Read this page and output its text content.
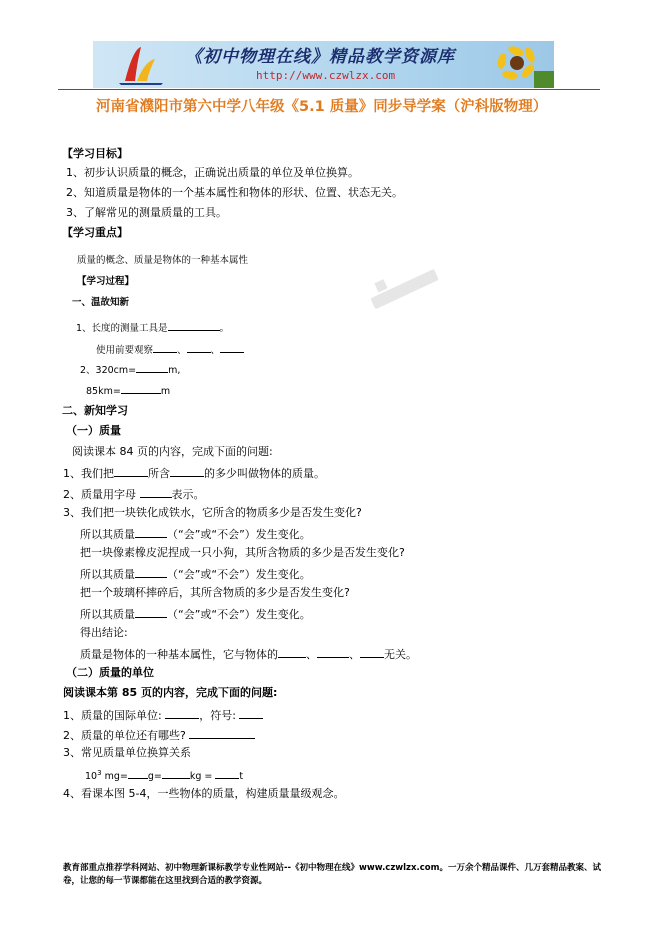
《初中物理在线》精品教学资源库
http://www.czwlzx.com
河南省濮阳市第六中学八年级《5.1 质量》同步导学案（沪科版物理）
【学习目标】
1、初步认识质量的概念，正确说出质量的单位及单位换算。
2、知道质量是物体的一个基本属性和物体的形状、位置、状态无关。
3、了解常见的测量质量的工具。
【学习重点】
质量的概念、质量是物体的一种基本属性
【学习过程】
一、温故知新
1、长度的测量工具是	。
使用前要观察	、	、
2、320cm=	m,
85km=	m
二、新知学习
（一）质量
阅读课本 84 页的内容，完成下面的问题:
1、我们把	所含	的多少叫做物体的质量。
2、质量用字母	表示。
3、我们把一块铁化成铁水，它所含的物质多少是否发生变化?
所以其质量	（“会”或“不会”）发生变化。
把一块像素橡皮泥捏成一只小狗，其所含物质的多少是否发生变化?
所以其质量	（“会”或“不会”）发生变化。
把一个玻璃杯摔碎后，其所含物质的多少是否发生变化?
所以其质量	（“会”或“不会”）发生变化。
得出结论:
质量是物体的一种基本属性，它与物体的	、	、 无关。
（二）质量的单位
阅读课本第 85 页的内容，完成下面的问题:
1、质量的国际单位:	，符号:
2、质量的单位还有哪些?
3、常见质量单位换算关系
$10^3$ mg= g=	kg =	t
4、看课本图 5-4，一些物体的质量，构建质量量级观念。
教育部重点推荐学科网站、初中物理新课标教学专业性网站--《初中物理在线》www.czwlzx.com。一万余个精品课件、几万套精品教案、试卷，让您的每一节课都能在这里找到合适的教学资源。
